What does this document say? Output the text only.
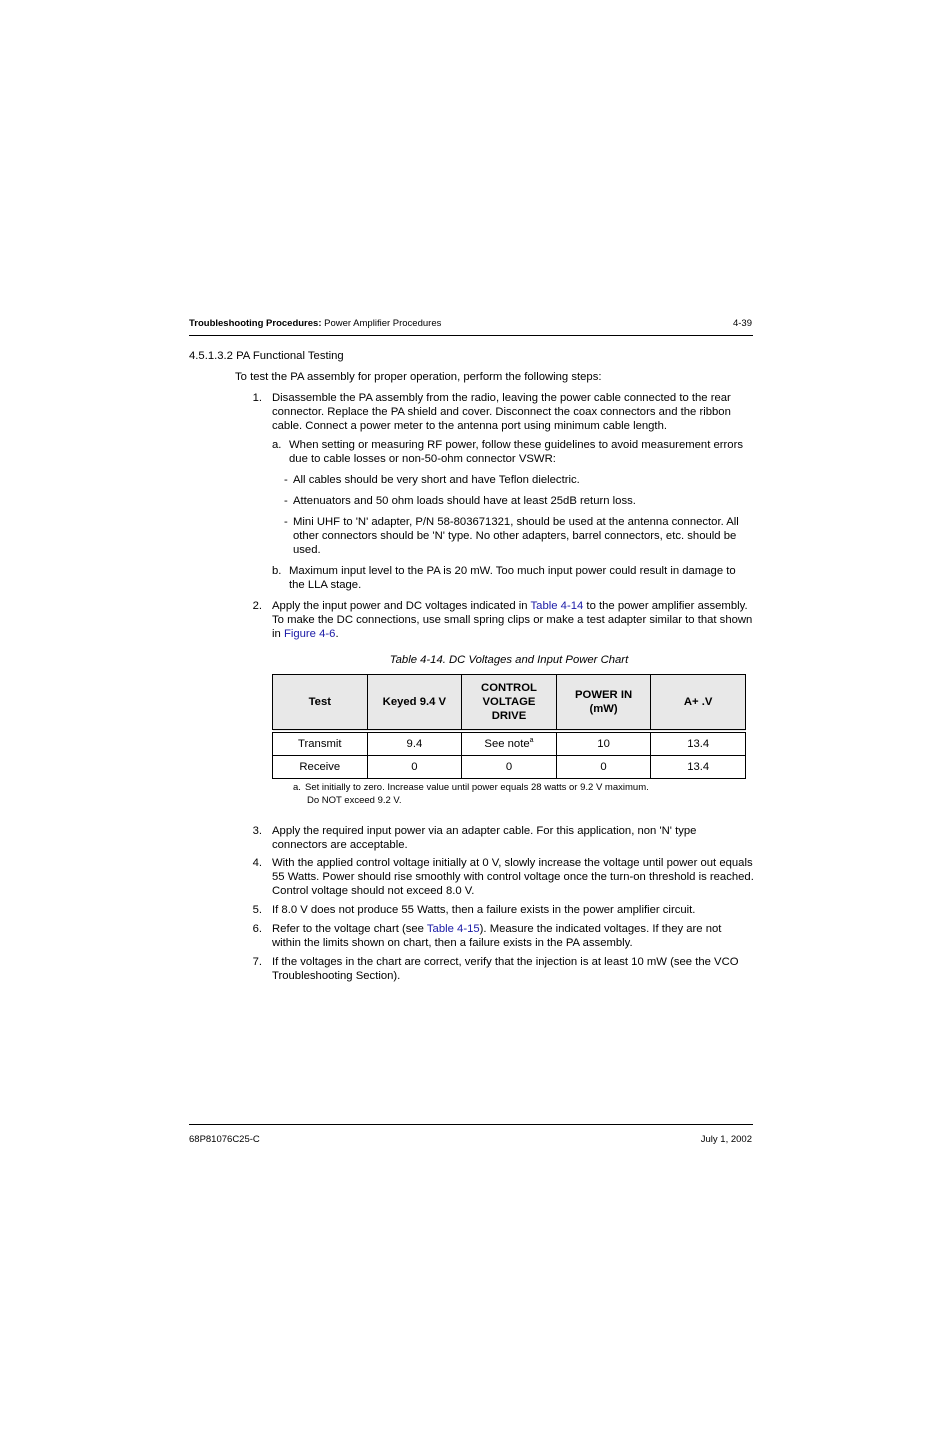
Troubleshooting Procedures: Power Amplifier Procedures	4-39
4.5.1.3.2 PA Functional Testing
To test the PA assembly for proper operation, perform the following steps:
1. Disassemble the PA assembly from the radio, leaving the power cable connected to the rear connector. Replace the PA shield and cover. Disconnect the coax connectors and the ribbon cable. Connect a power meter to the antenna port using minimum cable length.
a. When setting or measuring RF power, follow these guidelines to avoid measurement errors due to cable losses or non-50-ohm connector VSWR:
- All cables should be very short and have Teflon dielectric.
- Attenuators and 50 ohm loads should have at least 25dB return loss.
- Mini UHF to 'N' adapter, P/N 58-803671321, should be used at the antenna connector. All other connectors should be 'N' type. No other adapters, barrel connectors, etc. should be used.
b. Maximum input level to the PA is 20 mW. Too much input power could result in damage to the LLA stage.
2. Apply the input power and DC voltages indicated in Table 4-14 to the power amplifier assembly. To make the DC connections, use small spring clips or make a test adapter similar to that shown in Figure 4-6.
Table 4-14. DC Voltages and Input Power Chart
Test	Keyed 9.4 V	CONTROL VOLTAGE DRIVE	POWER IN (mW)	A+ .V
Transmit	9.4	See note$^a$	10	13.4
Receive	0	0	0	13.4
a. Set initially to zero. Increase value until power equals 28 watts or 9.2 V maximum.
Do NOT exceed 9.2 V.
3. Apply the required input power via an adapter cable. For this application, non 'N' type connectors are acceptable.
4. With the applied control voltage initially at 0 V, slowly increase the voltage until power out equals 55 Watts. Power should rise smoothly with control voltage once the turn-on threshold is reached. Control voltage should not exceed 8.0 V.
5. If 8.0 V does not produce 55 Watts, then a failure exists in the power amplifier circuit.
6. Refer to the voltage chart (see Table 4-15). Measure the indicated voltages. If they are not within the limits shown on chart, then a failure exists in the PA assembly.
7. If the voltages in the chart are correct, verify that the injection is at least 10 mW (see the VCO Troubleshooting Section).
68P81076C25-C	July 1, 2002
